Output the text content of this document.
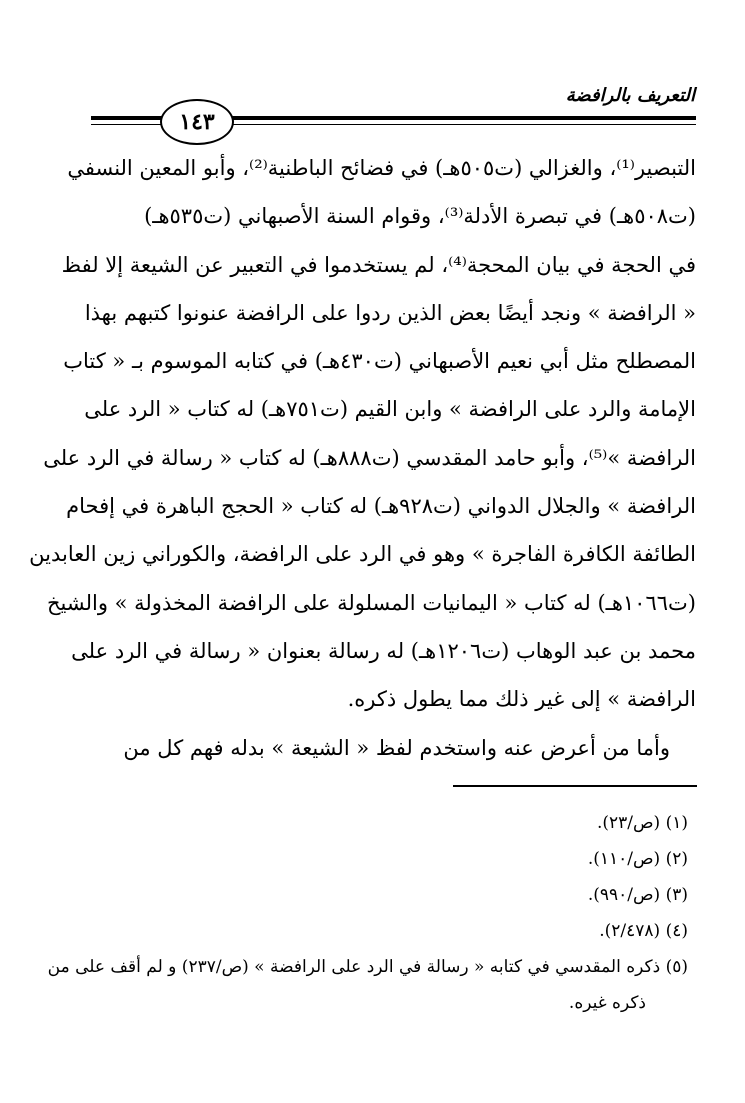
التعريف بالرافضة
١٤٣
التبصير⁽¹⁾، والغزالي (ت٥٠٥هـ) في فضائح الباطنية⁽²⁾، وأبو المعين النسفي
(ت٥٠٨هـ) في تبصرة الأدلة⁽³⁾، وقوام السنة الأصبهاني (ت٥٣٥هـ)
في الحجة في بيان المحجة⁽⁴⁾، لم يستخدموا في التعبير عن الشيعة إلا لفظ
« الرافضة » ونجد أيضًا بعض الذين ردوا على الرافضة عنونوا كتبهم بهذا
المصطلح مثل أبي نعيم الأصبهاني (ت٤٣٠هـ) في كتابه الموسوم بـ « كتاب
الإمامة والرد على الرافضة » وابن القيم (ت٧٥١هـ) له كتاب « الرد على
الرافضة »⁽⁵⁾، وأبو حامد المقدسي (ت٨٨٨هـ) له كتاب « رسالة في الرد على
الرافضة » والجلال الدواني (ت٩٢٨هـ) له كتاب « الحجج الباهرة في إفحام
الطائفة الكافرة الفاجرة » وهو في الرد على الرافضة، والكوراني زين العابدين
(ت١٠٦٦هـ) له كتاب « اليمانيات المسلولة على الرافضة المخذولة » والشيخ
محمد بن عبد الوهاب (ت١٢٠٦هـ) له رسالة بعنوان « رسالة في الرد على
الرافضة » إلى غير ذلك مما يطول ذكره.
وأما من أعرض عنه واستخدم لفظ « الشيعة » بدله فهم كل من
(١) (ص/٢٣).
(٢) (ص/١١٠).
(٣) (ص/٩٩٠).
(٤) (٢/٤٧٨).
(٥) ذكره المقدسي في كتابه « رسالة في الرد على الرافضة » (ص/٢٣٧) و لم أقف على من
ذكره غيره.
